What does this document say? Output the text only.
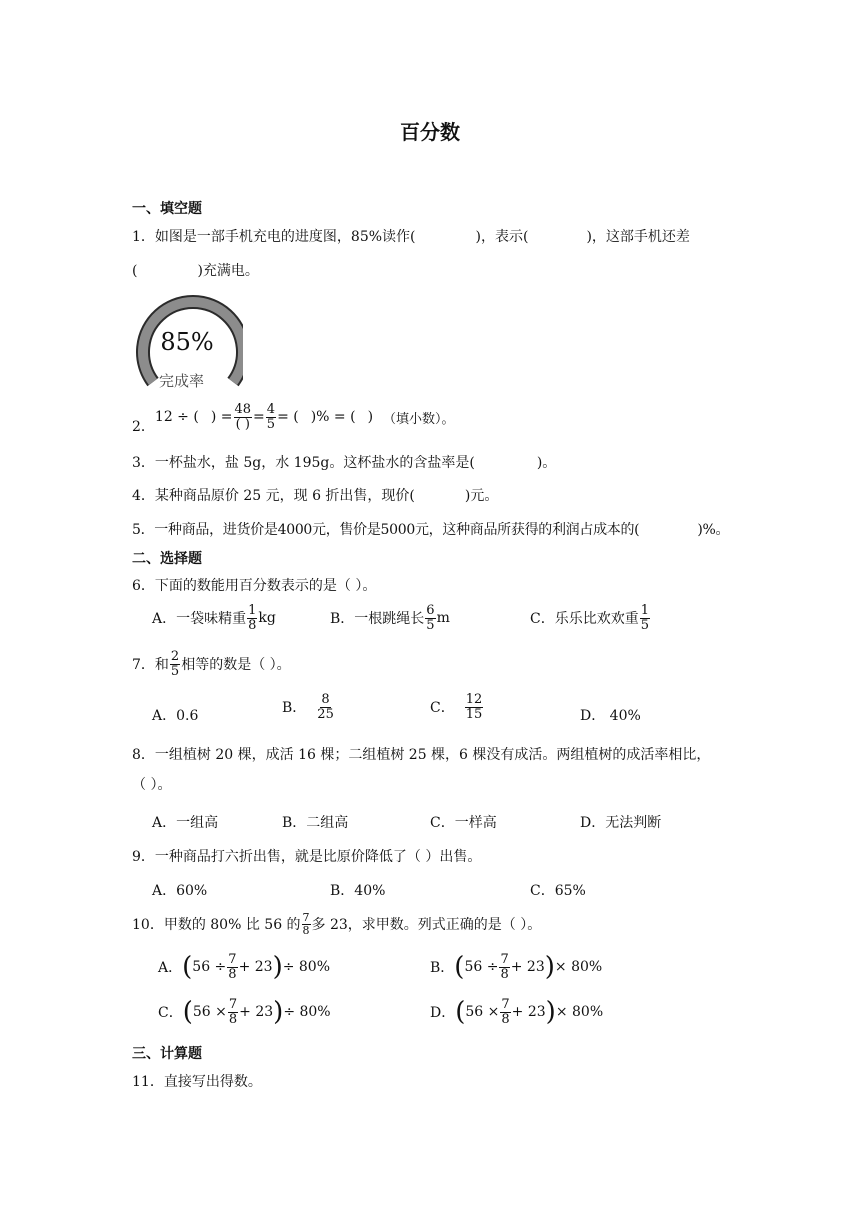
百分数
一、填空题
1．如图是一部手机充电的进度图，85%读作(	)，表示(	)，这部手机还差
(	)充满电。
85%
完成率
2．
12 ÷ ( ) = $\frac{48}{( )} = \frac{4}{5}$ = ( )% = ( ) （填小数）。
3．一杯盐水，盐 5g，水 195g。这杯盐水的含盐率是(	)。
4．某种商品原价 25 元，现 6 折出售，现价(	)元。
5．一种商品，进货价是4000元，售价是5000元，这种商品所获得的利润占成本的(	)%。
二、选择题
6．下面的数能用百分数表示的是（ ）。
A．一袋味精重 $\frac{1}{8}$ kg	B．一根跳绳长 $\frac{6}{5}$ m	C．乐乐比欢欢重 $\frac{1}{5}$
7．和 $\frac{2}{5}$ 相等的数是（ ）。
A．0.6	B． $\frac{8}{25}$	C． $\frac{12}{15}$	D． 40%
8．一组植树 20 棵，成活 16 棵；二组植树 25 棵，6 棵没有成活。两组植树的成活率相比，
（ ）。
A．一组高	B．二组高	C．一样高	D．无法判断
9．一种商品打六折出售，就是比原价降低了（ ）出售。
A．60%	B．40%	C．65%
10．甲数的 80% 比 56 的 $\frac{7}{8}$ 多 23，求甲数。列式正确的是（ ）。
A． ( $56 \div \frac{7}{8} + 23$ ) ÷ 80%	B． ( $56 \div \frac{7}{8} + 23$ ) × 80%
C． ( $56 \times \frac{7}{8} + 23$ ) ÷ 80%	D． ( $56 \times \frac{7}{8} + 23$ ) × 80%
三、计算题
11．直接写出得数。
